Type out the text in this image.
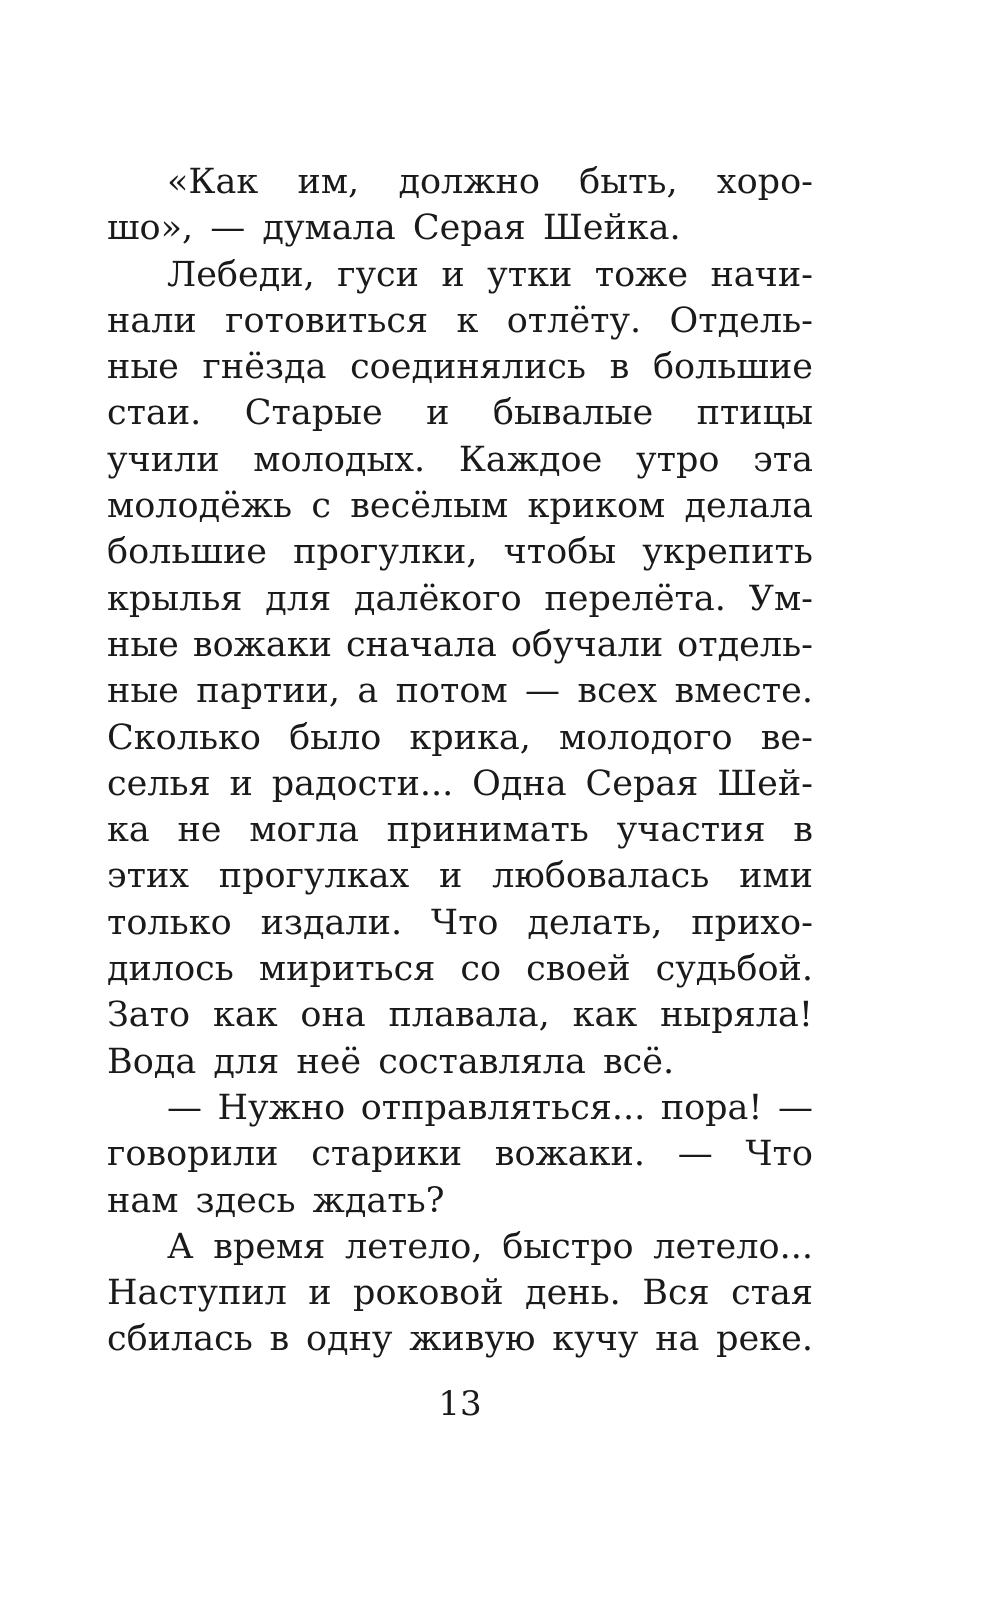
«Как им, должно быть, хоро-
шо», — думала Серая Шейка.
Лебеди, гуси и утки тоже начи-
нали готовиться к отлёту. Отдель-
ные гнёзда соединялись в большие
стаи. Старые и бывалые птицы
учили молодых. Каждое утро эта
молодёжь с весёлым криком делала
большие прогулки, чтобы укрепить
крылья для далёкого перелёта. Ум-
ные вожаки сначала обучали отдель-
ные партии, а потом — всех вместе.
Сколько было крика, молодого ве-
селья и радости... Одна Серая Шей-
ка не могла принимать участия в
этих прогулках и любовалась ими
только издали. Что делать, прихо-
дилось мириться со своей судьбой.
Зато как она плавала, как ныряла!
Вода для неё составляла всё.
— Нужно отправляться... пора! —
говорили старики вожаки. — Что
нам здесь ждать?
А время летело, быстро летело...
Наступил и роковой день. Вся стая
сбилась в одну живую кучу на реке.
13
